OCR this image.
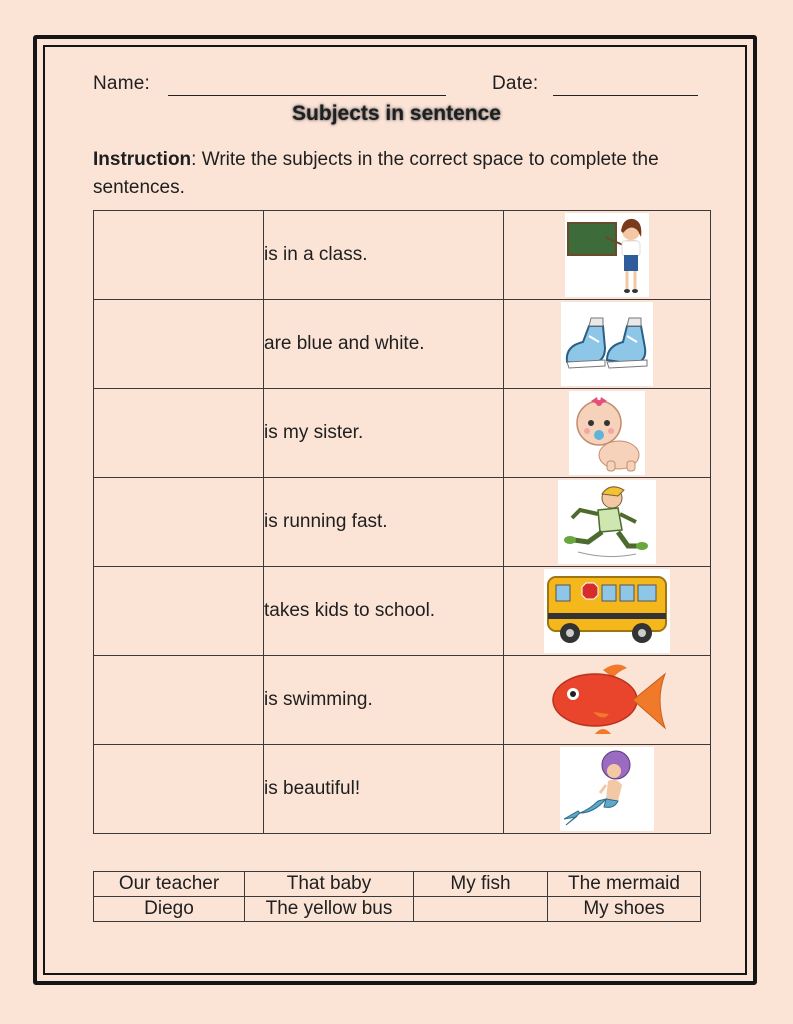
Name:	Date:
Subjects in sentence
Instruction: Write the subjects in the correct space to complete the sentences.
	is in a class.	

	are blue and white.	

	is my sister.	

	is running fast.	

	takes kids to school.	

	is swimming.	

	is beautiful!	
Our teacher	That baby	My fish	The mermaid
Diego	The yellow bus		My shoes
